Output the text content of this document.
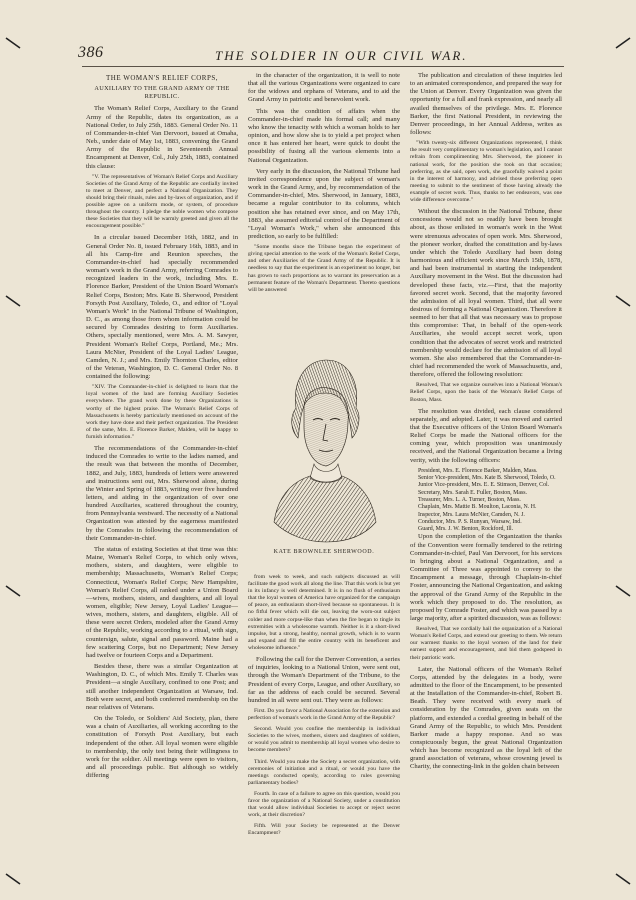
386	THE SOLDIER IN OUR CIVIL WAR.
THE WOMAN'S RELIEF CORPS,
AUXILIARY TO THE GRAND ARMY OF THE REPUBLIC.

The Woman's Relief Corps, Auxiliary to the Grand Army of the Republic, dates its organization, as a National Order, to July 25th, 1883. General Order No. 11 of Commander-in-chief Van Dervoort, issued at Omaha, Neb., under date of May 1st, 1883, convening the Grand Army of the Republic in Seventeenth Annual Encampment at Denver, Col., July 25th, 1883, contained this clause:

"V. The representatives of Woman's Relief Corps and Auxiliary Societies of the Grand Army of the Republic are cordially invited to meet at Denver, and perfect a National Organization. They should bring their rituals, rules and by-laws of organization, and if possible agree on a uniform mode, or system, of procedure throughout the country. I pledge the noble women who compose these Societies that they will be warmly greeted and given all the encouragement possible."

In a circular issued December 16th, 1882, and in General Order No. 8, issued February 16th, 1883, and in all his Camp-fire and Reunion speeches, the Commander-in-chief had specially recommended woman's work in the Grand Army, referring Comrades to recognized leaders in the work, including Mrs. E. Florence Barker, President of the Union Board Woman's Relief Corps, Boston; Mrs. Kate B. Sherwood, President Forsyth Post Auxiliary, Toledo, O., and editor of "Loyal Woman's Work" in the National Tribune of Washington, D. C., as among those from whom information could be secured by Comrades desiring to form Auxiliaries. Others, specially mentioned, were Mrs. A. M. Sawyer, President Woman's Relief Corps, Portland, Me.; Mrs. Laura McNier, President of the Loyal Ladies' League, Camden, N. J.; and Mrs. Emily Thornton Charles, editor of the Veteran, Washington, D. C. General Order No. 8 contained the following:

"XIV. The Commander-in-chief is delighted to learn that the loyal women of the land are forming Auxiliary Societies everywhere. The grand work done by these Organizations is worthy of the highest praise. The Woman's Relief Corps of Massachusetts is hereby particularly mentioned on account of the work they have done and their perfect organization. The President of the same, Mrs. E. Florence Barker, Malden, will be happy to furnish information."

The recommendations of the Commander-in-chief induced the Comrades to write to the ladies named, and the result was that between the months of December, 1882, and July, 1883, hundreds of letters were answered and instructions sent out, Mrs. Sherwood alone, during the Winter and Spring of 1883, writing over five hundred letters, and aiding in the organization of over one hundred Auxiliaries, scattered throughout the country, from Pennsylvania westward. The necessity of a National Organization was attested by the eagerness manifested by the Comrades in following the recommendation of their Commander-in-chief.

The status of existing Societies at that time was this: Maine, Woman's Relief Corps, to which only wives, mothers, sisters, and daughters, were eligible to membership; Massachusetts, Woman's Relief Corps; Connecticut, Woman's Relief Corps; New Hampshire, Woman's Relief Corps, all ranked under a Union Board—wives, mothers, sisters, and daughters, and all loyal women, eligible; New Jersey, Loyal Ladies' League—wives, mothers, sisters, and daughters, eligible. All of these were secret Orders, modeled after the Grand Army of the Republic, working according to a ritual, with sign, countersign, salute, signal and password. Maine had a few scattering Corps, but no Department; New Jersey had twelve or fourteen Corps and a Department.

Besides these, there was a similar Organization at Washington, D. C., of which Mrs. Emily T. Charles was President—a single Auxiliary, confined to one Post; and still another independent Organization at Warsaw, Ind. Both were secret, and both conferred membership on the near relatives of Veterans.

On the Toledo, or Soldiers' Aid Society, plan, there was a chain of Auxiliaries, all working according to the constitution of Forsyth Post Auxiliary, but each independent of the other. All loyal women were eligible to membership, the only test being their willingness to work for the soldier. All meetings were open to visitors, and all proceedings public. But although so widely differing

in the character of the organization, it is well to note that all the various Organizations were organized to care for the widows and orphans of Veterans, and to aid the Grand Army in patriotic and benevolent work.

This was the condition of affairs when the Commander-in-chief made his formal call; and many who know the tenacity with which a woman holds to her opinion, and how slow she is to yield a pet project when once it has entered her heart, were quick to doubt the possibility of fusing all the various elements into a National Organization.

Very early in the discussion, the National Tribune had invited correspondence upon the subject of woman's work in the Grand Army, and, by recommendation of the Commander-in-chief, Mrs. Sherwood, in January, 1883, became a regular contributor to its columns, which position she has retained ever since, and on May 17th, 1883, she assumed editorial control of the Department of "Loyal Woman's Work," when she announced this prediction, so early to be fulfilled:

"Some months since the Tribune began the experiment of giving special attention to the work of the Woman's Relief Corps, and other Auxiliaries of the Grand Army of the Republic. It is needless to say that the experiment is an experiment no longer, but has grown to such proportions as to warrant its preservation as a permanent feature of the Woman's Department. Thereto questions will be answered

KATE BROWNLEE SHERWOOD.

from week to week, and such subjects discussed as will facilitate the good work all along the line. That this work is but yet in its infancy is well determined. It is in no flush of enthusiasm that the loyal women of America have organized for the campaign of peace, an enthusiasm short-lived because so spontaneous. It is no fitful fever which will die out, leaving the worn-out subject colder and more corpse-like than when the fire began to tingle its extremities with a wholesome warmth. Neither is it a short-lived impulse, but a strong, healthy, normal growth, which is to warm and expand and fill the entire country with its beneficent and wholesome influence."

Following the call for the Denver Convention, a series of inquiries, looking to a National Union, were sent out, through the Woman's Department of the Tribune, to the President of every Corps, League, and other Auxiliary, so far as the address of each could be secured. Several hundred in all were sent out. They were as follows:

First. Do you favor a National Association for the extension and perfection of woman's work in the Grand Army of the Republic?

Second. Would you confine the membership in individual Societies to the wives, mothers, sisters and daughters of soldiers, or would you admit to membership all loyal women who desire to become members?

Third. Would you make the Society a secret organization, with ceremonies of initiation and a ritual, or would you have the meetings conducted openly, according to rules governing parliamentary bodies?

Fourth. In case of a failure to agree on this question, would you favor the organization of a National Society, under a constitution that would allow individual Societies to accept or reject secret work, at their discretion?

Fifth. Will your Society be represented at the Denver Encampment?

The publication and circulation of these inquiries led to an animated correspondence, and prepared the way for the Union at Denver. Every Organization was given the opportunity for a full and frank expression, and nearly all availed themselves of the privilege. Mrs. E. Florence Barker, the first National President, in reviewing the Denver proceedings, in her Annual Address, writes as follows:

"With twenty-six different Organizations represented, I think the result very complimentary to woman's legislation, and I cannot refrain from complimenting Mrs. Sherwood, the pioneer in national work, for the position she took on that occasion; preferring, as she said, open work, she gracefully waived a point in the interest of harmony, and advised those preferring open meeting to submit to the sentiment of those having already the example of secret work. Thus, thanks to her endeavors, was one wide difference overcome."

Without the discussion in the National Tribune, these concessions would not so readily have been brought about, as those enlisted in woman's work in the West were strenuous advocates of open work. Mrs. Sherwood, the pioneer worker, drafted the constitution and by-laws under which the Toledo Auxiliary had been doing harmonious and efficient work since March 15th, 1878, and had been instrumental in starting the independent Auxiliary movement in the West. But the discussion had developed these facts, viz.—First, that the majority favored secret work. Second, that the majority favored the admission of all loyal women. Third, that all were desirous of forming a National Organization. Therefore it seemed to her that all that was necessary was to propose this compromise: That, in behalf of the open-work Auxiliaries, she would accept secret work, upon condition that the advocates of secret work and restricted membership would declare for the admission of all loyal women. She also remembered that the Commander-in-chief had recommended the work of Massachusetts, and, therefore, offered the following resolution:

Resolved, That we organize ourselves into a National Woman's Relief Corps, upon the basis of the Woman's Relief Corps of Boston, Mass.

The resolution was divided, each clause considered separately, and adopted. Later, it was moved and carried that the Executive officers of the Union Board Woman's Relief Corps be made the National officers for the coming year, which proposition was unanimously received, and the National Organization became a living verity, with the following officers:

President, Mrs. E. Florence Barker, Malden, Mass.

Senior Vice-president, Mrs. Kate B. Sherwood, Toledo, O.

Junior Vice-president, Mrs. E. E. Stimson, Denver, Col.

Secretary, Mrs. Sarah E. Fuller, Boston, Mass.

Treasurer, Mrs. L. A. Turner, Boston, Mass.

Chaplain, Mrs. Mattie B. Moulton, Laconia, N. H.

Inspector, Mrs. Laura McNier, Camden, N. J.

Conductor, Mrs. P. S. Runyan, Warsaw, Ind.

Guard, Mrs. J. W. Benton, Rockford, Ill.

Upon the completion of the Organization the thanks of the Convention were formally tendered to the retiring Commander-in-chief, Paul Van Dervoort, for his services in bringing about a National Organization, and a Committee of Three was appointed to convey to the Encampment a message, through Chaplain-in-chief Foster, announcing the National Organization, and asking the approval of the Grand Army of the Republic in the work which they proposed to do. The resolution, as proposed by Comrade Foster, and which was passed by a large majority, after a spirited discussion, was as follows:

Resolved, That we cordially hail the organization of a National Woman's Relief Corps, and extend our greeting to them. We return our warmest thanks to the loyal women of the land for their earnest support and encouragement, and bid them godspeed in their patriotic work.

Later, the National officers of the Woman's Relief Corps, attended by the delegates in a body, were admitted to the floor of the Encampment, to be presented at the Installation of the Commander-in-chief, Robert B. Beath. They were received with every mark of consideration by the Comrades, given seats on the platform, and extended a cordial greeting in behalf of the Grand Army of the Republic, to which Mrs. President Barker made a happy response. And so was conspicuously begun, the great National Organization which has become recognized as the loyal left of the grand association of veterans, whose crowning jewel is Charity, the connecting-link in the golden chain between
